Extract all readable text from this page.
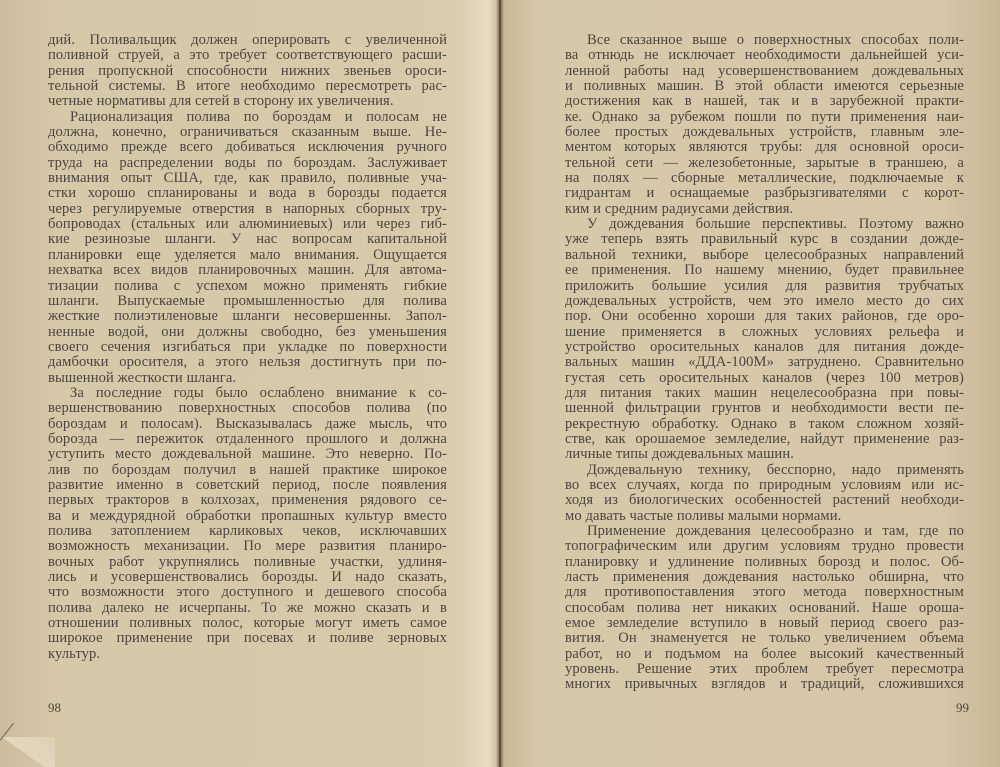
дий. Поливальщик должен оперировать с увеличенной
поливной струей, а это требует соответствующего расши-
рения пропускной способности нижних звеньев ороси-
тельной системы. В итоге необходимо пересмотреть рас-
четные нормативы для сетей в сторону их увеличения.
Рационализация полива по бороздам и полосам не
должна, конечно, ограничиваться сказанным выше. Не-
обходимо прежде всего добиваться исключения ручного
труда на распределении воды по бороздам. Заслуживает
внимания опыт США, где, как правило, поливные уча-
стки хорошо спланированы и вода в борозды подается
через регулируемые отверстия в напорных сборных тру-
бопроводах (стальных или алюминиевых) или через гиб-
кие резинозые шланги. У нас вопросам капитальной
планировки еще уделяется мало внимания. Ощущается
нехватка всех видов планировочных машин. Для автома-
тизации полива с успехом можно применять гибкие
шланги. Выпускаемые промышленностью для полива
жесткие полиэтиленовые шланги несовершенны. Запол-
ненные водой, они должны свободно, без уменьшения
своего сечения изгибаться при укладке по поверхности
дамбочки оросителя, а этого нельзя достигнуть при по-
вышенной жесткости шланга.
За последние годы было ослаблено внимание к со-
вершенствованию поверхностных способов полива (по
бороздам и полосам). Высказывалась даже мысль, что
борозда — пережиток отдаленного прошлого и должна
уступить место дождевальной машине. Это неверно. По-
лив по бороздам получил в нашей практике широкое
развитие именно в советский период, после появления
первых тракторов в колхозах, применения рядового се-
ва и междурядной обработки пропашных культур вместо
полива затоплением карликовых чеков, исключавших
возможность механизации. По мере развития планиро-
вочных работ укрупнялись поливные участки, удлиня-
лись и усовершенствовались борозды. И надо сказать,
что возможности этого доступного и дешевого способа
полива далеко не исчерпаны. То же можно сказать и в
отношении поливных полос, которые могут иметь самое
широкое применение при посевах и поливе зерновых
культур.
98
Все сказанное выше о поверхностных способах поли-
ва отнюдь не исключает необходимости дальнейшей уси-
ленной работы над усовершенствованием дождевальных
и поливных машин. В этой области имеются серьезные
достижения как в нашей, так и в зарубежной практи-
ке. Однако за рубежом пошли по пути применения наи-
более простых дождевальных устройств, главным эле-
ментом которых являются трубы: для основной ороси-
тельной сети — железобетонные, зарытые в траншею, а
на полях — сборные металлические, подключаемые к
гидрантам и оснащаемые разбрызгивателями с корот-
ким и средним радиусами действия.
У дождевания большие перспективы. Поэтому важно
уже теперь взять правильный курс в создании дожде-
вальной техники, выборе целесообразных направлений
ее применения. По нашему мнению, будет правильнее
приложить большие усилия для развития трубчатых
дождевальных устройств, чем это имело место до сих
пор. Они особенно хороши для таких районов, где оро-
шение применяется в сложных условиях рельефа и
устройство оросительных каналов для питания дожде-
вальных машин «ДДА-100М» затруднено. Сравнительно
густая сеть оросительных каналов (через 100 метров)
для питания таких машин нецелесообразна при повы-
шенной фильтрации грунтов и необходимости вести пе-
рекрестную обработку. Однако в таком сложном хозяй-
стве, как орошаемое земледелие, найдут применение раз-
личные типы дождевальных машин.
Дождевальную технику, бесспорно, надо применять
во всех случаях, когда по природным условиям или ис-
ходя из биологических особенностей растений необходи-
мо давать частые поливы малыми нормами.
Применение дождевания целесообразно и там, где по
топографическим или другим условиям трудно провести
планировку и удлинение поливных борозд и полос. Об-
ласть применения дождевания настолько обширна, что
для противопоставления этого метода поверхностным
способам полива нет никаких оснований. Наше ороша-
емое земледелие вступило в новый период своего раз-
вития. Он знаменуется не только увеличением объема
работ, но и подъмом на более высокий качественный
уровень. Решение этих проблем требует пересмотра
многих привычных взглядов и традиций, сложившихся
99
